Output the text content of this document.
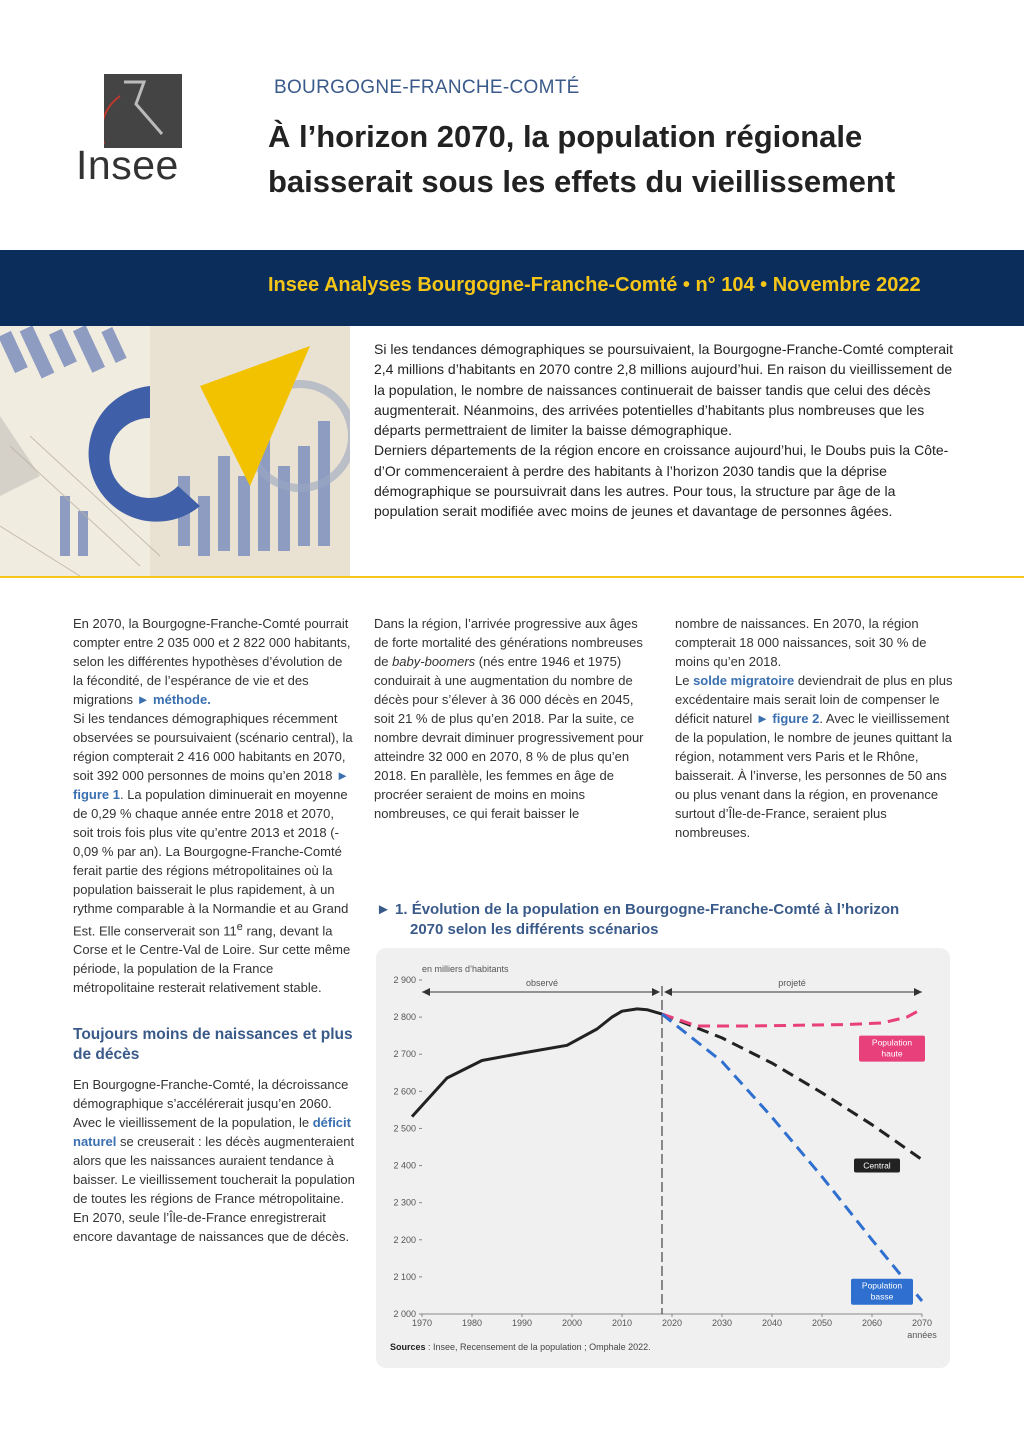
Insee
BOURGOGNE-FRANCHE-COMTÉ
À l’horizon 2070, la population régionale
baisserait sous les effets du vieillissement
Insee Analyses Bourgogne-Franche-Comté • n° 104 • Novembre 2022

Si les tendances démographiques se poursuivaient, la Bourgogne-Franche-Comté compterait 2,4 millions d’habitants en 2070 contre 2,8 millions aujourd’hui. En raison du vieillissement de la population, le nombre de naissances continuerait de baisser tandis que celui des décès augmenterait. Néanmoins, des arrivées potentielles d’habitants plus nombreuses que les départs permettraient de limiter la baisse démographique.

Derniers départements de la région encore en croissance aujourd’hui, le Doubs puis la Côte-d’Or commenceraient à perdre des habitants à l’horizon 2030 tandis que la déprise démographique se poursuivrait dans les autres. Pour tous, la structure par âge de la population serait modifiée avec moins de jeunes et davantage de personnes âgées.

En 2070, la Bourgogne-Franche-Comté pourrait compter entre 2 035 000 et 2 822 000 habitants, selon les différentes hypothèses d’évolution de la fécondité, de l’espérance de vie et des migrations ► méthode.

Si les tendances démographiques récemment observées se poursuivaient (scénario central), la région compterait 2 416 000 habitants en 2070, soit 392 000 personnes de moins qu’en 2018 ► figure 1. La population diminuerait en moyenne de 0,29 % chaque année entre 2018 et 2070, soit trois fois plus vite qu’entre 2013 et 2018 (- 0,09 % par an). La Bourgogne-Franche-Comté ferait partie des régions métropolitaines où la population baisserait le plus rapidement, à un rythme comparable à la Normandie et au Grand Est. Elle conserverait son 11e rang, devant la Corse et le Centre-Val de Loire. Sur cette même période, la population de la France métropolitaine resterait relativement stable.

Toujours moins de naissances et plus de décès

En Bourgogne-Franche-Comté, la décroissance démographique s’accélérerait jusqu’en 2060. Avec le vieillissement de la population, le déficit naturel se creuserait : les décès augmenteraient alors que les naissances auraient tendance à baisser. Le vieillissement toucherait la population de toutes les régions de France métropolitaine. En 2070, seule l’Île-de-France enregistrerait encore davantage de naissances que de décès.

Dans la région, l’arrivée progressive aux âges de forte mortalité des générations nombreuses de baby-boomers (nés entre 1946 et 1975) conduirait à une augmentation du nombre de décès pour s’élever à 36 000 décès en 2045, soit 21 % de plus qu’en 2018. Par la suite, ce nombre devrait diminuer progressivement pour atteindre 32 000 en 2070, 8 % de plus qu’en 2018. En parallèle, les femmes en âge de procréer seraient de moins en moins nombreuses, ce qui ferait baisser le

nombre de naissances. En 2070, la région compterait 18 000 naissances, soit 30 % de moins qu’en 2018.

Le solde migratoire deviendrait de plus en plus excédentaire mais serait loin de compenser le déficit naturel ► figure 2. Avec le vieillissement de la population, le nombre de jeunes quittant la région, notamment vers Paris et le Rhône, baisserait. À l’inverse, les personnes de 50 ans ou plus venant dans la région, en provenance surtout d’Île-de-France, seraient plus nombreuses.

► 1. Évolution de la population en Bourgogne-Franche-Comté à l’horizon
2070 selon les différents scénarios
2 000
2 100
2 200
2 300
2 400
2 500
2 600
2 700
2 800
2 900
1970	1980	1990	2000	2010	2020	2030	2040	2050	2060	2070
années
en milliers d’habitants
observé	projeté
Population
haute
Central
Population
basse
Sources : Insee, Recensement de la population ; Omphale 2022.
